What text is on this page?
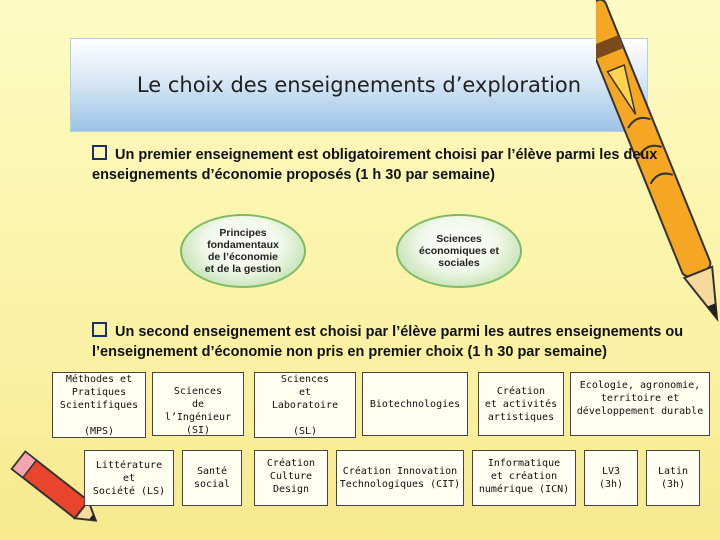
Le choix des enseignements d’exploration
Un premier enseignement est obligatoirement choisi par l’élève parmi les deux enseignements d’économie proposés (1 h 30 par semaine)
Principes fondamentaux de l’économie et de la gestion
Sciences économiques et sociales
Un second enseignement est choisi par l’élève parmi les autres enseignements ou l’enseignement d’économie non pris en premier choix (1 h 30 par semaine)
Méthodes et
Pratiques
Scientifiques

(MPS)
Sciences
de
l’Ingénieur (SI)
Sciences
et
Laboratoire

(SL)
Biotechnologies
Création
et activités
artistiques
Ecologie, agronomie,
territoire et
développement durable
Littérature
et
Société (LS)
Santé
social
Création
Culture
Design
Création Innovation
Technologiques (CIT)
Informatique
et création
numérique (ICN)
LV3
(3h)
Latin
(3h)
